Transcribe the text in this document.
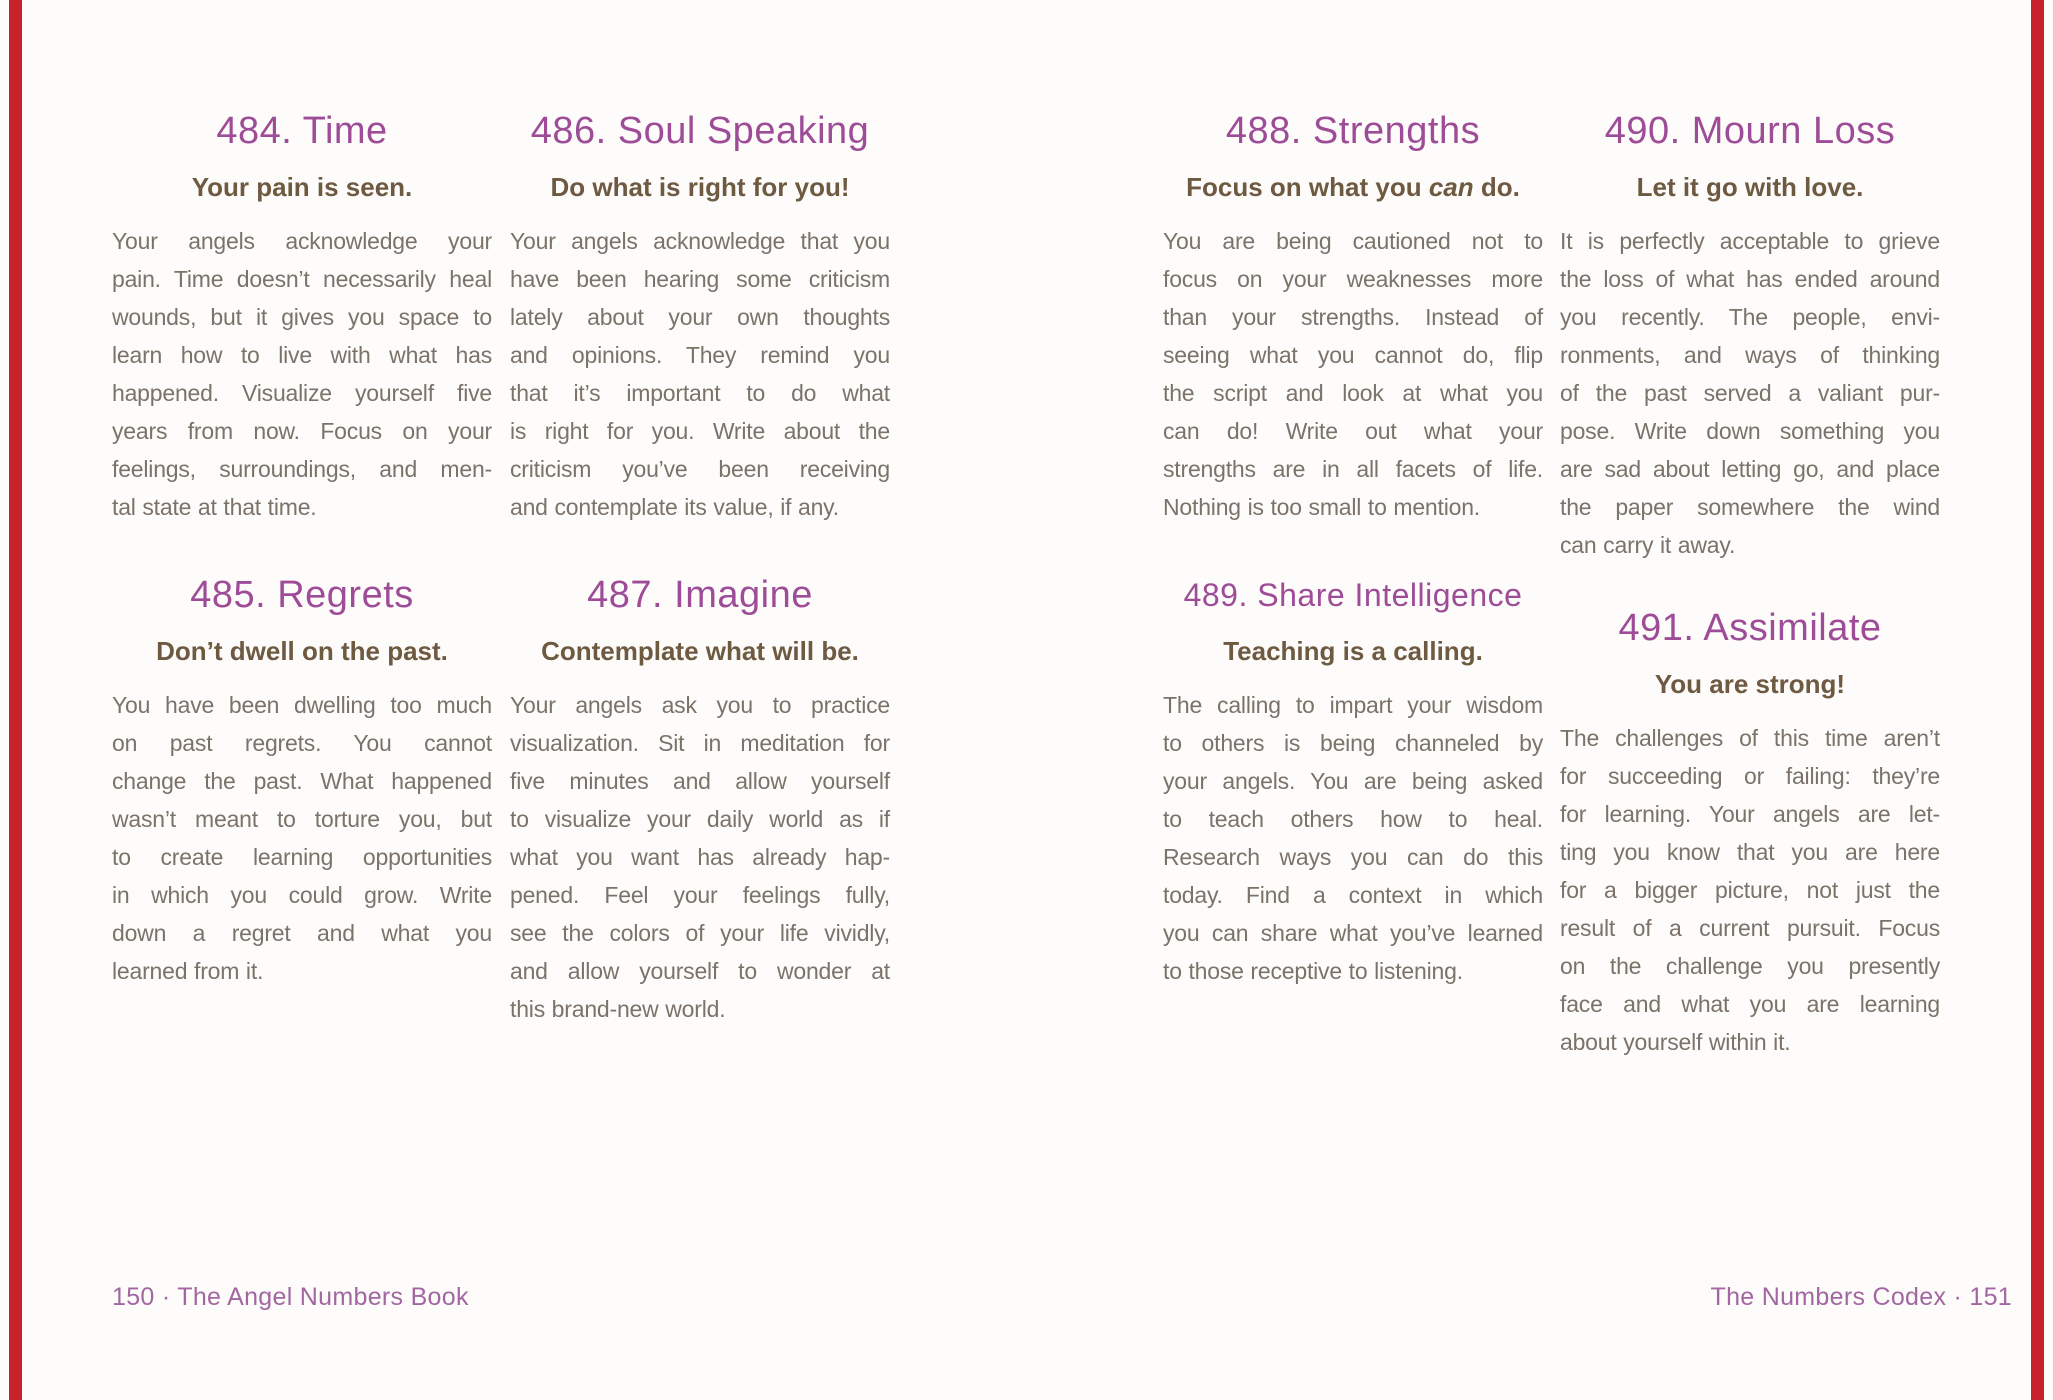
484. Time
Your pain is seen.
Your angels acknowledge your
pain. Time doesn’t necessarily heal
wounds, but it gives you space to
learn how to live with what has
happened. Visualize yourself five
years from now. Focus on your
feelings, surroundings, and men-
tal state at that time.
485. Regrets
Don’t dwell on the past.
You have been dwelling too much
on past regrets. You cannot
change the past. What happened
wasn’t meant to torture you, but
to create learning opportunities
in which you could grow. Write
down a regret and what you
learned from it.
486. Soul Speaking
Do what is right for you!
Your angels acknowledge that you
have been hearing some criticism
lately about your own thoughts
and opinions. They remind you
that it’s important to do what
is right for you. Write about the
criticism you’ve been receiving
and contemplate its value, if any.
487. Imagine
Contemplate what will be.
Your angels ask you to practice
visualization. Sit in meditation for
five minutes and allow yourself
to visualize your daily world as if
what you want has already hap-
pened. Feel your feelings fully,
see the colors of your life vividly,
and allow yourself to wonder at
this brand-new world.
488. Strengths
Focus on what you can do.
You are being cautioned not to
focus on your weaknesses more
than your strengths. Instead of
seeing what you cannot do, flip
the script and look at what you
can do! Write out what your
strengths are in all facets of life.
Nothing is too small to mention.
489. Share Intelligence
Teaching is a calling.
The calling to impart your wisdom
to others is being channeled by
your angels. You are being asked
to teach others how to heal.
Research ways you can do this
today. Find a context in which
you can share what you’ve learned
to those receptive to listening.
490. Mourn Loss
Let it go with love.
It is perfectly acceptable to grieve
the loss of what has ended around
you recently. The people, envi-
ronments, and ways of thinking
of the past served a valiant pur-
pose. Write down something you
are sad about letting go, and place
the paper somewhere the wind
can carry it away.
491. Assimilate
You are strong!
The challenges of this time aren’t
for succeeding or failing: they’re
for learning. Your angels are let-
ting you know that you are here
for a bigger picture, not just the
result of a current pursuit. Focus
on the challenge you presently
face and what you are learning
about yourself within it.
150 · The Angel Numbers Book	The Numbers Codex · 151
